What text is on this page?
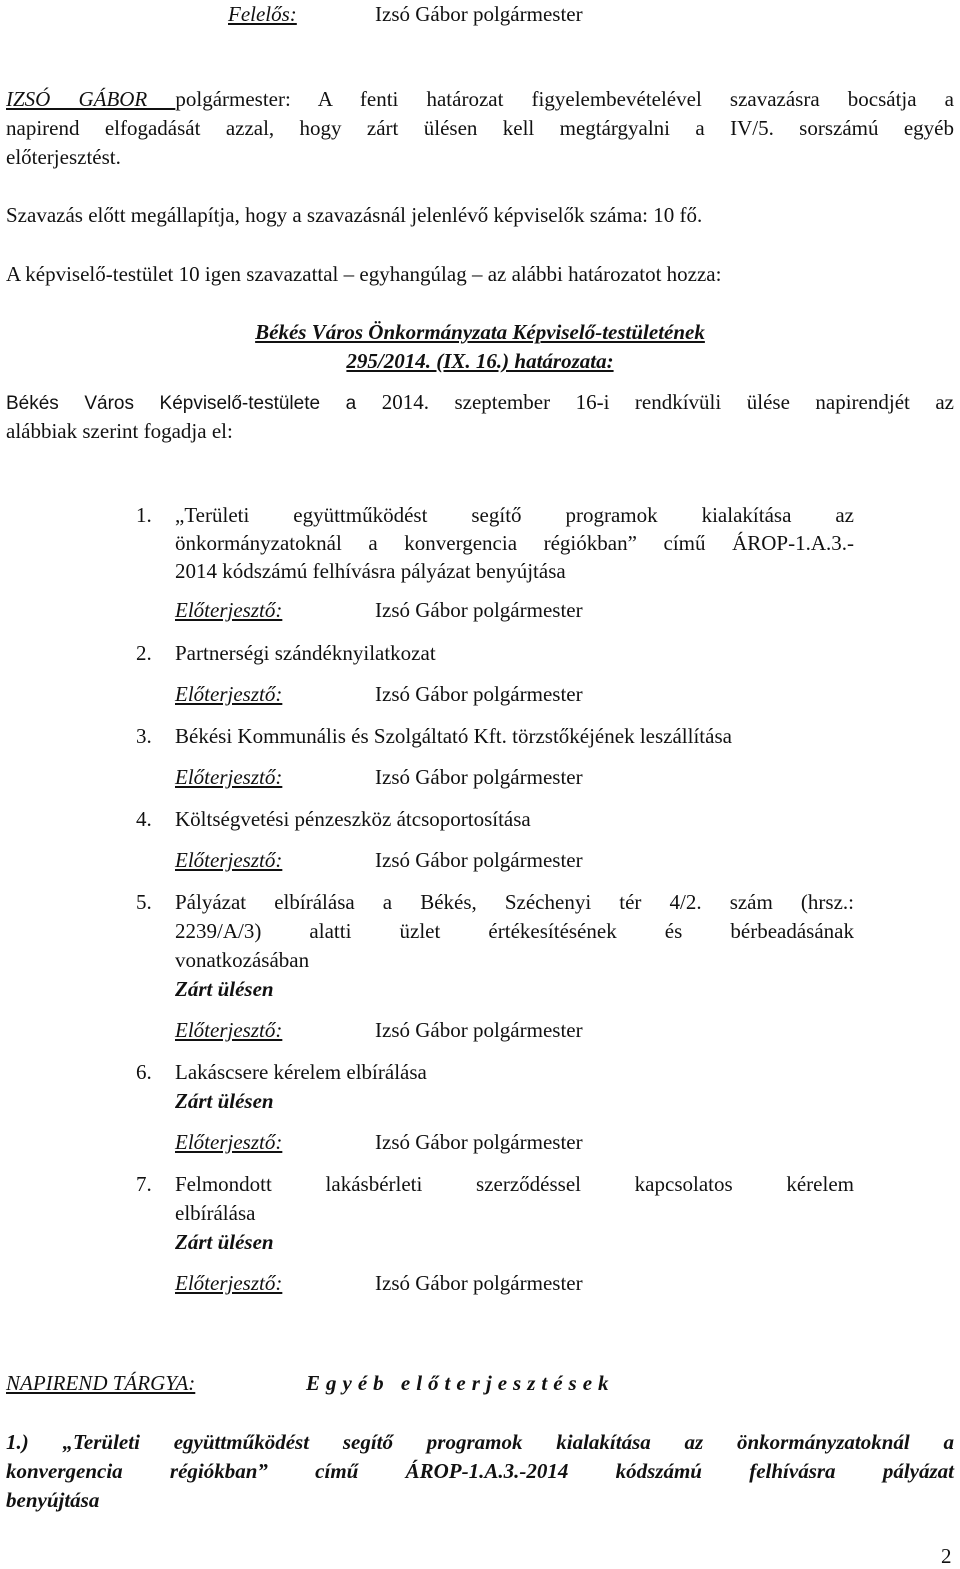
Felelős:	Izsó Gábor polgármester
IZSÓ GÁBOR polgármester: A fenti határozat figyelembevételével szavazásra bocsátja a
napirend elfogadását azzal, hogy zárt ülésen kell megtárgyalni a IV/5. sorszámú egyéb
előterjesztést.
Szavazás előtt megállapítja, hogy a szavazásnál jelenlévő képviselők száma: 10 fő.
A képviselő-testület 10 igen szavazattal – egyhangúlag – az alábbi határozatot hozza:
Békés Város Önkormányzata Képviselő-testületének
295/2014. (IX. 16.) határozata:
Békés Város Képviselő-testülete a 2014. szeptember 16-i rendkívüli ülése napirendjét az
alábbiak szerint fogadja el:
1. „Területi együttműködést segítő programok kialakítása az
önkormányzatoknál a konvergencia régiókban” című ÁROP-1.A.3.-
2014 kódszámú felhívásra pályázat benyújtása
Előterjesztő:	Izsó Gábor polgármester
2. Partnerségi szándéknyilatkozat
Előterjesztő:	Izsó Gábor polgármester
3. Békési Kommunális és Szolgáltató Kft. törzstőkéjének leszállítása
Előterjesztő:	Izsó Gábor polgármester
4. Költségvetési pénzeszköz átcsoportosítása
Előterjesztő:	Izsó Gábor polgármester
5. Pályázat elbírálása a Békés, Széchenyi tér 4/2. szám (hrsz.:
2239/A/3) alatti üzlet értékesítésének és bérbeadásának
vonatkozásában
Zárt ülésen
Előterjesztő:	Izsó Gábor polgármester
6. Lakáscsere kérelem elbírálása
Zárt ülésen
Előterjesztő:	Izsó Gábor polgármester
7. Felmondott lakásbérleti szerződéssel kapcsolatos kérelem
elbírálása
Zárt ülésen
Előterjesztő:	Izsó Gábor polgármester
NAPIREND TÁRGYA:	Egyéb előterjesztések
1.) „Területi együttműködést segítő programok kialakítása az önkormányzatoknál a
konvergencia régiókban” című ÁROP-1.A.3.-2014 kódszámú felhívásra pályázat
benyújtása
2
